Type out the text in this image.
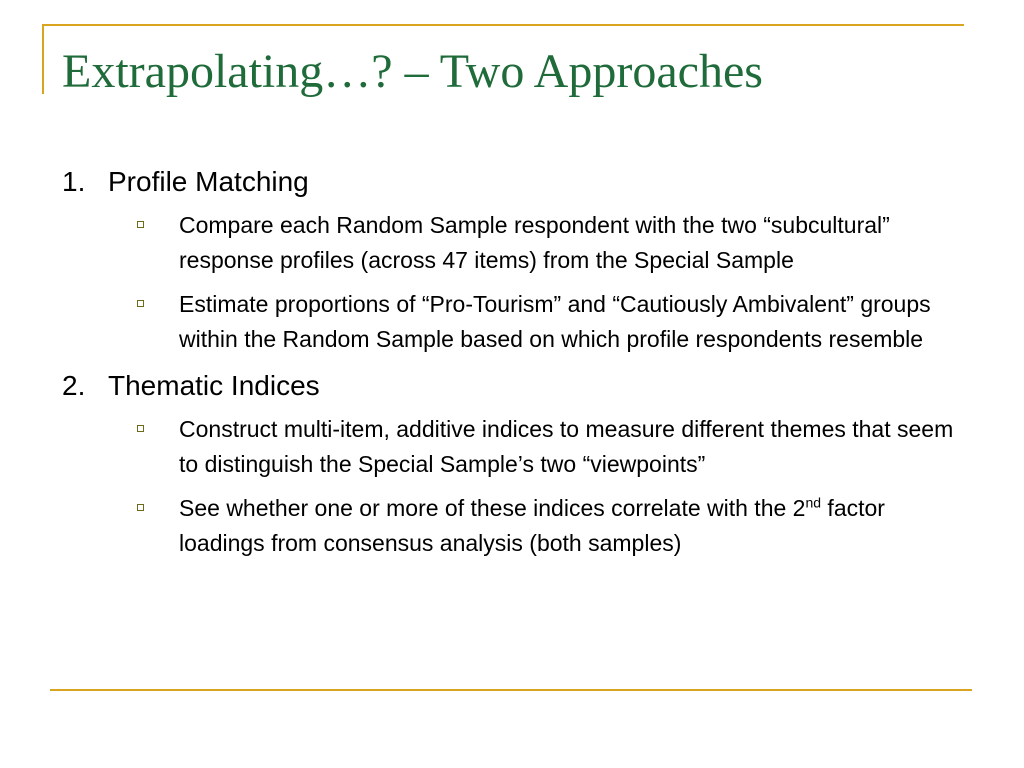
Extrapolating…? – Two Approaches
1. Profile Matching
Compare each Random Sample respondent with the two “subcultural” response profiles (across 47 items) from the Special Sample
Estimate proportions of “Pro-Tourism” and “Cautiously Ambivalent” groups within the Random Sample based on which profile respondents resemble
2. Thematic Indices
Construct multi-item, additive indices to measure different themes that seem to distinguish the Special Sample’s two “viewpoints”
See whether one or more of these indices correlate with the 2nd factor loadings from consensus analysis (both samples)
